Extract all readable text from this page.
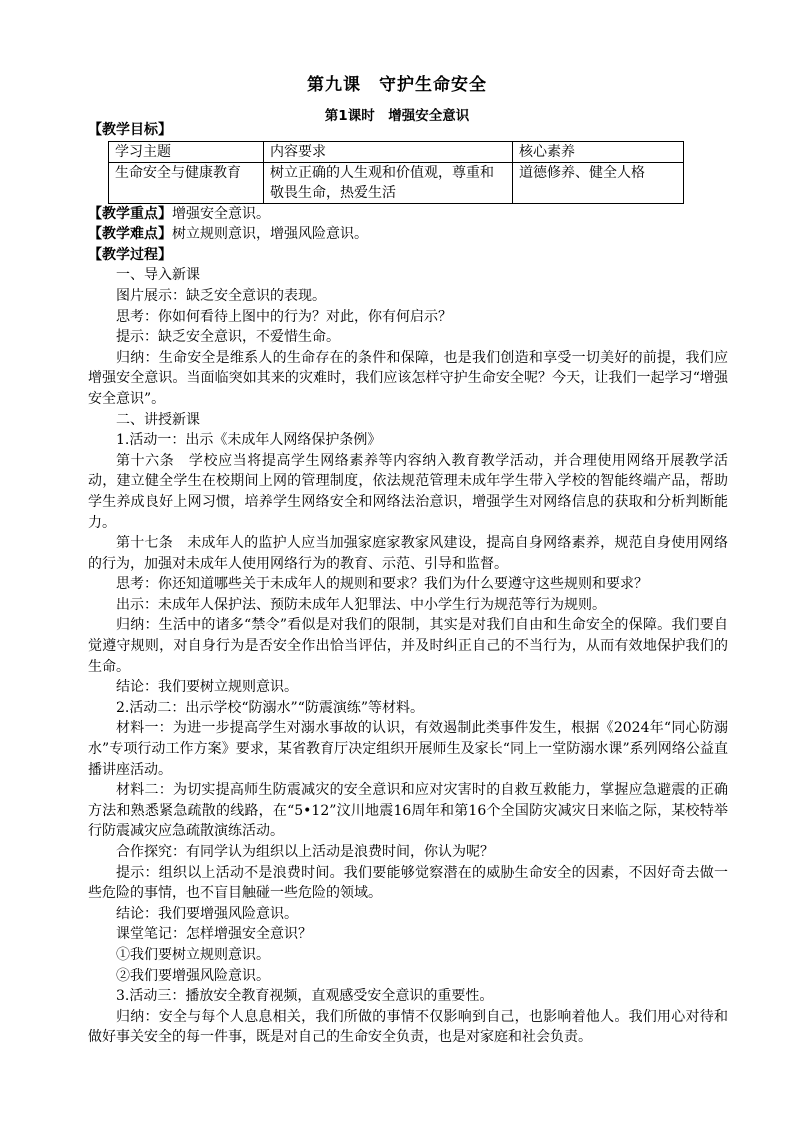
第九课　守护生命安全
第1课时　增强安全意识
【教学目标】
学习主题	内容要求	核心素养
生命安全与健康教育	树立正确的人生观和价值观，尊重和敬畏生命，热爱生活	道德修养、健全人格
【教学重点】增强安全意识。
【教学难点】树立规则意识，增强风险意识。
【教学过程】
一、导入新课
图片展示：缺乏安全意识的表现。
思考：你如何看待上图中的行为？对此，你有何启示？
提示：缺乏安全意识，不爱惜生命。
归纳：生命安全是维系人的生命存在的条件和保障，也是我们创造和享受一切美好的前提，我们应增强安全意识。当面临突如其来的灾难时，我们应该怎样守护生命安全呢？今天，让我们一起学习“增强安全意识”。
二、讲授新课
1.活动一：出示《未成年人网络保护条例》
第十六条　学校应当将提高学生网络素养等内容纳入教育教学活动，并合理使用网络开展教学活动，建立健全学生在校期间上网的管理制度，依法规范管理未成年学生带入学校的智能终端产品，帮助学生养成良好上网习惯，培养学生网络安全和网络法治意识，增强学生对网络信息的获取和分析判断能力。
第十七条　未成年人的监护人应当加强家庭家教家风建设，提高自身网络素养，规范自身使用网络的行为，加强对未成年人使用网络行为的教育、示范、引导和监督。
思考：你还知道哪些关于未成年人的规则和要求？我们为什么要遵守这些规则和要求？
出示：未成年人保护法、预防未成年人犯罪法、中小学生行为规范等行为规则。
归纳：生活中的诸多“禁令”看似是对我们的限制，其实是对我们自由和生命安全的保障。我们要自觉遵守规则，对自身行为是否安全作出恰当评估，并及时纠正自己的不当行为，从而有效地保护我们的生命。
结论：我们要树立规则意识。
2.活动二：出示学校“防溺水”“防震演练”等材料。
材料一：为进一步提高学生对溺水事故的认识，有效遏制此类事件发生，根据《2024年“同心防溺水”专项行动工作方案》要求，某省教育厅决定组织开展师生及家长“同上一堂防溺水课”系列网络公益直播讲座活动。
材料二：为切实提高师生防震减灾的安全意识和应对灾害时的自救互救能力，掌握应急避震的正确方法和熟悉紧急疏散的线路，在“5•12”汶川地震16周年和第16个全国防灾减灾日来临之际，某校特举行防震减灾应急疏散演练活动。
合作探究：有同学认为组织以上活动是浪费时间，你认为呢？
提示：组织以上活动不是浪费时间。我们要能够觉察潜在的威胁生命安全的因素，不因好奇去做一些危险的事情，也不盲目触碰一些危险的领域。
结论：我们要增强风险意识。
课堂笔记：怎样增强安全意识？
①我们要树立规则意识。
②我们要增强风险意识。
3.活动三：播放安全教育视频，直观感受安全意识的重要性。
归纳：安全与每个人息息相关，我们所做的事情不仅影响到自己，也影响着他人。我们用心对待和做好事关安全的每一件事，既是对自己的生命安全负责，也是对家庭和社会负责。
